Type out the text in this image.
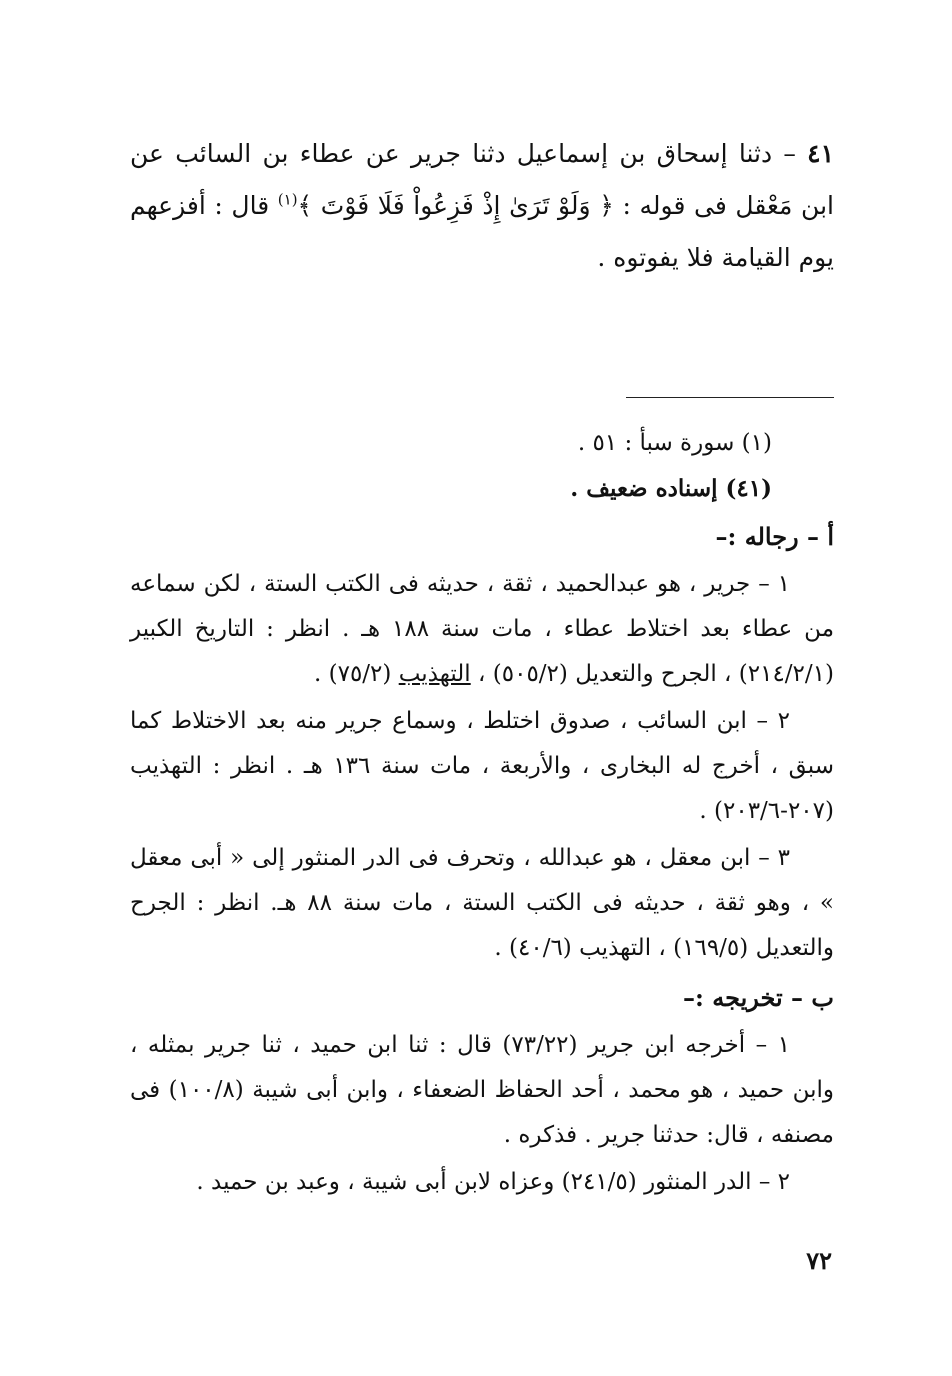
٤١ – دثنا إسحاق بن إسماعيل دثنا جرير عن عطاء بن السائب عن ابن مَعْقل فى قوله : ﴿ وَلَوْ تَرَىٰ إِذْ فَزِعُواْ فَلَا فَوْتَ ﴾$^{(١)}$ قال : أفزعهم يوم القيامة فلا يفوتوه .

(١) سورة سبأ : ٥١ .

(٤١) إسناده ضعيف .

أ – رجاله :–

١ – جرير ، هو عبدالحميد ، ثقة ، حديثه فى الكتب الستة ، لكن سماعه من عطاء بعد اختلاط عطاء ، مات سنة ١٨٨ هـ . انظر : التاريخ الكبير (٢١٤/٢/١) ، الجرح والتعديل (٥٠٥/٢) ، التهذيب (٧٥/٢) .

٢ – ابن السائب ، صدوق اختلط ، وسماع جرير منه بعد الاختلاط كما سبق ، أخرج له البخارى ، والأربعة ، مات سنة ١٣٦ هـ . انظر : التهذيب (٢٠٧-٢٠٣/٦) .

٣ – ابن معقل ، هو عبدالله ، وتحرف فى الدر المنثور إلى « أبى معقل » ، وهو ثقة ، حديثه فى الكتب الستة ، مات سنة ٨٨ هـ. انظر : الجرح والتعديل (١٦٩/٥) ، التهذيب (٤٠/٦) .

ب – تخريجه :–

١ – أخرجه ابن جرير (٧٣/٢٢) قال : ثنا ابن حميد ، ثنا جرير بمثله ، وابن حميد ، هو محمد ، أحد الحفاظ الضعفاء ، وابن أبى شيبة (١٠٠/٨) فى مصنفه ، قال: حدثنا جرير . فذكره .

٢ – الدر المنثور (٢٤١/٥) وعزاه لابن أبى شيبة ، وعبد بن حميد .

٧٢
